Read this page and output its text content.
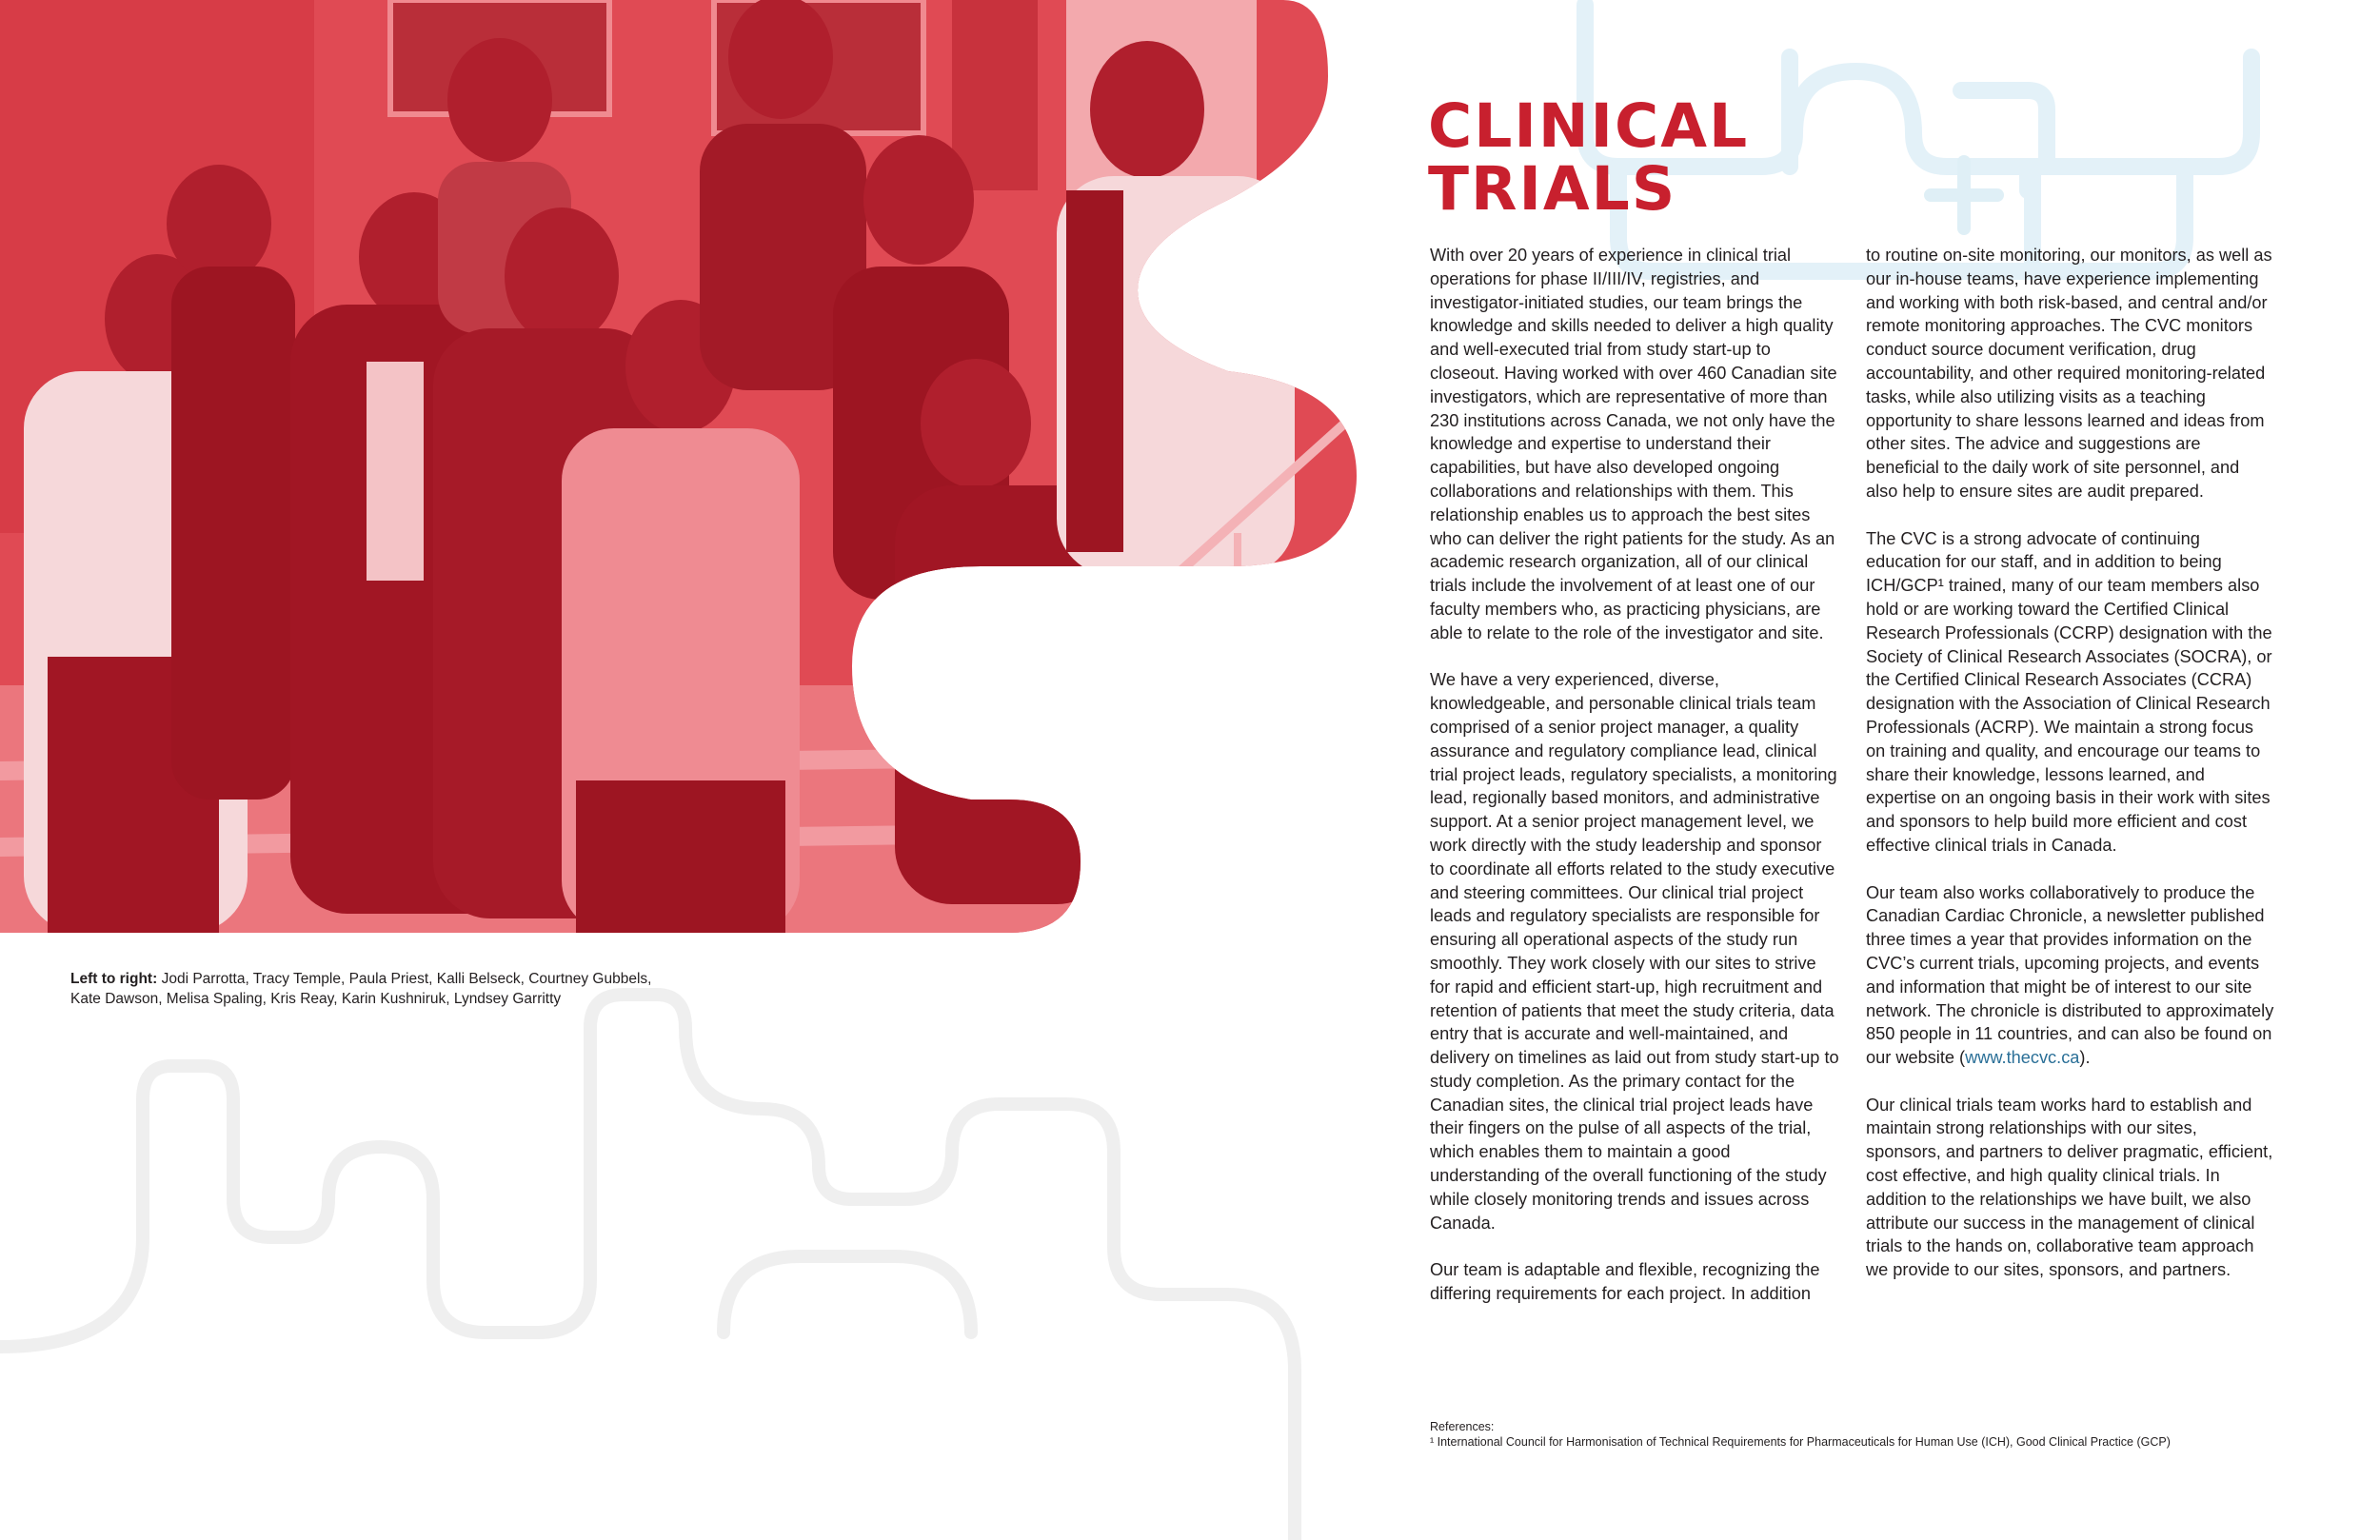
Left to right: Jodi Parrotta, Tracy Temple, Paula Priest, Kalli Belseck, Courtney Gubbels, Kate Dawson, Melisa Spaling, Kris Reay, Karin Kushniruk, Lyndsey Garritty
CLINICAL
TRIALS

With over 20 years of experience in clinical trial operations for phase II/III/IV, registries, and investigator-initiated studies, our team brings the knowledge and skills needed to deliver a high quality and well-executed trial from study start-up to closeout. Having worked with over 460 Canadian site investigators, which are representative of more than 230 institutions across Canada, we not only have the knowledge and expertise to understand their capabilities, but have also developed ongoing collaborations and relationships with them. This relationship enables us to approach the best sites who can deliver the right patients for the study. As an academic research organization, all of our clinical trials include the involvement of at least one of our faculty members who, as practicing physicians, are able to relate to the role of the investigator and site.

We have a very experienced, diverse, knowledgeable, and personable clinical trials team comprised of a senior project manager, a quality assurance and regulatory compliance lead, clinical trial project leads, regulatory specialists, a monitoring lead, regionally based monitors, and administrative support. At a senior project management level, we work directly with the study leadership and sponsor to coordinate all efforts related to the study executive and steering committees. Our clinical trial project leads and regulatory specialists are responsible for ensuring all operational aspects of the study run smoothly. They work closely with our sites to strive for rapid and efficient start-up, high recruitment and retention of patients that meet the study criteria, data entry that is accurate and well-maintained, and delivery on timelines as laid out from study start-up to study completion. As the primary contact for the Canadian sites, the clinical trial project leads have their fingers on the pulse of all aspects of the trial, which enables them to maintain a good understanding of the overall functioning of the study while closely monitoring trends and issues across Canada.

Our team is adaptable and flexible, recognizing the differing requirements for each project. In addition

to routine on-site monitoring, our monitors, as well as our in-house teams, have experience implementing and working with both risk-based, and central and/or remote monitoring approaches. The CVC monitors conduct source document verification, drug accountability, and other required monitoring-related tasks, while also utilizing visits as a teaching opportunity to share lessons learned and ideas from other sites. The advice and suggestions are beneficial to the daily work of site personnel, and also help to ensure sites are audit prepared.

The CVC is a strong advocate of continuing education for our staff, and in addition to being ICH/GCP¹ trained, many of our team members also hold or are working toward the Certified Clinical Research Professionals (CCRP) designation with the Society of Clinical Research Associates (SOCRA), or the Certified Clinical Research Associates (CCRA) designation with the Association of Clinical Research Professionals (ACRP). We maintain a strong focus on training and quality, and encourage our teams to share their knowledge, lessons learned, and expertise on an ongoing basis in their work with sites and sponsors to help build more efficient and cost effective clinical trials in Canada.

Our team also works collaboratively to produce the Canadian Cardiac Chronicle, a newsletter published three times a year that provides information on the CVC’s current trials, upcoming projects, and events and information that might be of interest to our site network. The chronicle is distributed to approximately 850 people in 11 countries, and can also be found on our website (www.thecvc.ca).

Our clinical trials team works hard to establish and maintain strong relationships with our sites, sponsors, and partners to deliver pragmatic, efficient, cost effective, and high quality clinical trials. In addition to the relationships we have built, we also attribute our success in the management of clinical trials to the hands on, collaborative team approach we provide to our sites, sponsors, and partners.

References:
¹ International Council for Harmonisation of Technical Requirements for Pharmaceuticals for Human Use (ICH), Good Clinical Practice (GCP)
